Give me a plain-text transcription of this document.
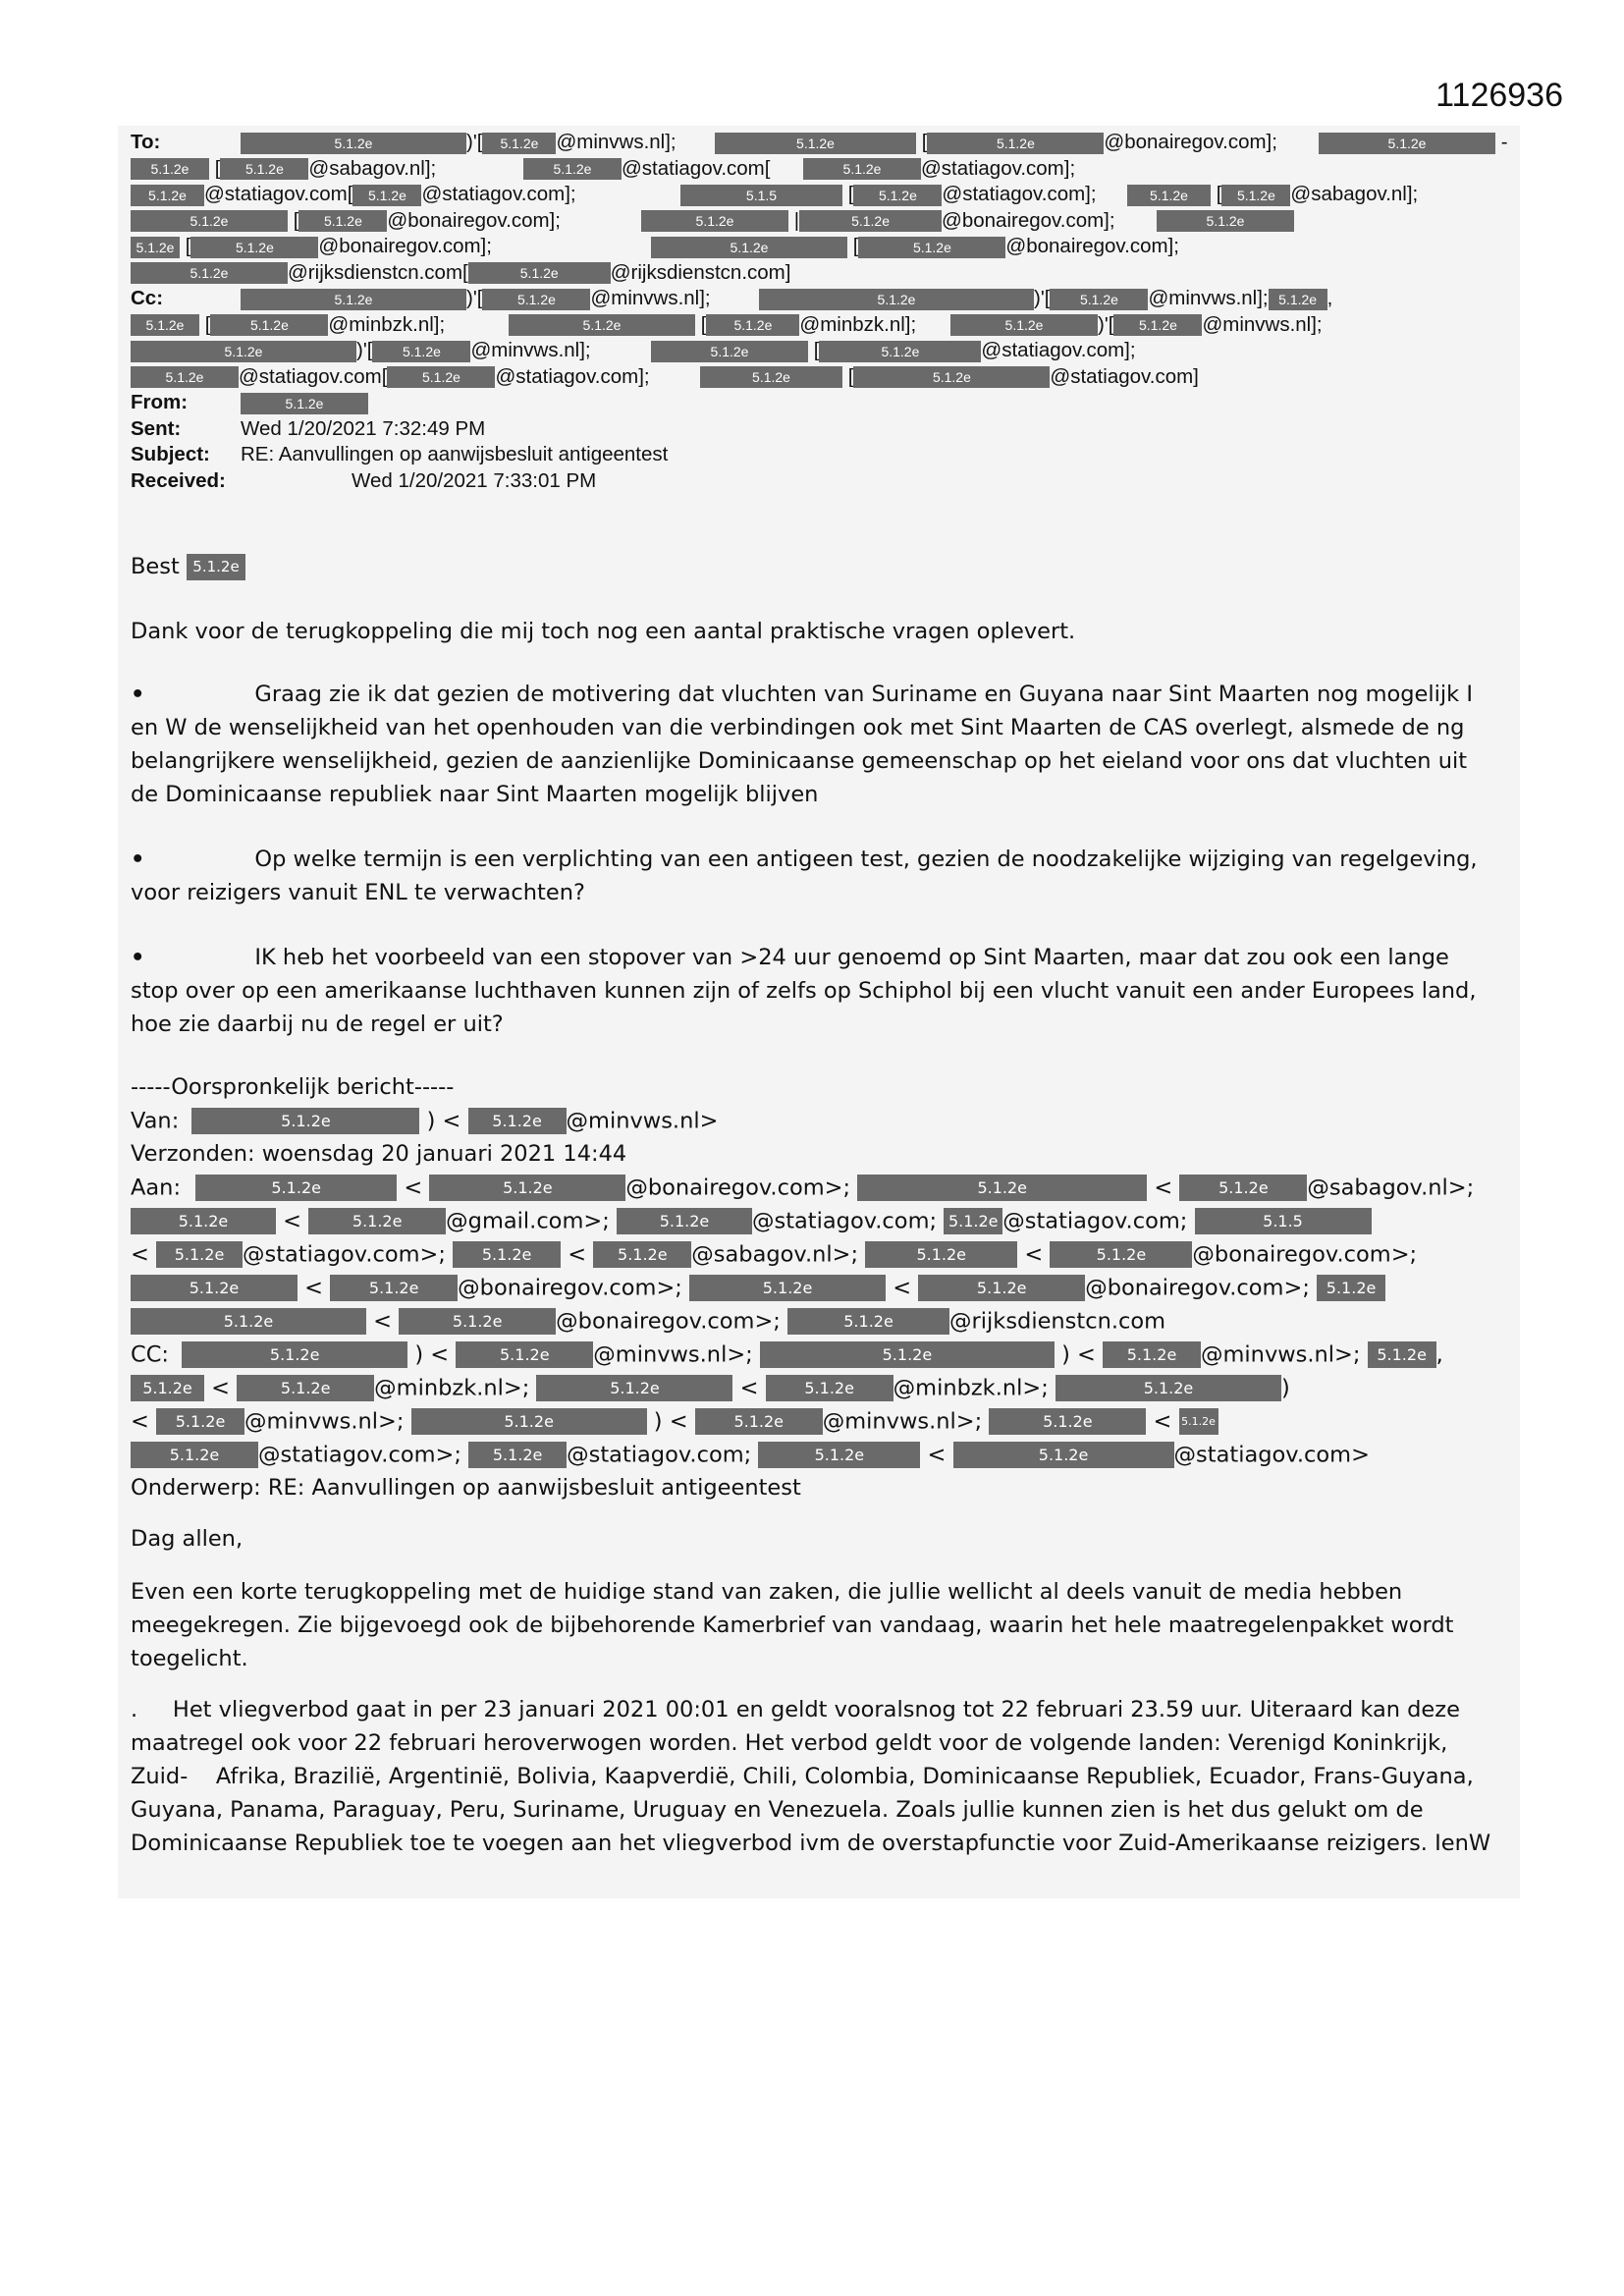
1126936
To:	5.1.2e	)'[ 5.1.2e @minvws.nl];	5.1.2e	[	5.1.2e	@bonairegov.com];	5.1.2e	-
5.1.2e [ 5.1.2e @sabagov.nl];	5.1.2e @statiagov.com[	5.1.2e @statiagov.com];
5.1.2e @statiagov.com[ 5.1.2e @statiagov.com];	5.1.5	[ 5.1.2e @statiagov.com];	5.1.2e [ 5.1.2e @sabagov.nl];
5.1.2e	[ 5.1.2e @bonairegov.com];	5.1.2e	|	5.1.2e	@bonairegov.com];	5.1.2e
5.1.2e [	5.1.2e @bonairegov.com];	5.1.2e	[	5.1.2e	@bonairegov.com];
5.1.2e	@rijksdienstcn.com[	5.1.2e	@rijksdienstcn.com]
Cc:	5.1.2e	)'[	5.1.2e @minvws.nl];	5.1.2e	)'[ 5.1.2e @minvws.nl]; 5.1.2e ,
5.1.2e [	5.1.2e @minbzk.nl];	5.1.2e	[ 5.1.2e @minbzk.nl];	5.1.2e	)'[ 5.1.2e @minvws.nl];
5.1.2e	)'[ 5.1.2e @minvws.nl];	5.1.2e	[	5.1.2e	@statiagov.com];
5.1.2e @statiagov.com[	5.1.2e @statiagov.com];	5.1.2e	[	5.1.2e	@statiagov.com]
From:	5.1.2e
Sent:	Wed 1/20/2021 7:32:49 PM
Subject: RE: Aanvullingen op aanwijsbesluit antigeentest
Received:	Wed 1/20/2021 7:33:01 PM
Best 5.1.2e
Dank voor de terugkoppeling die mij toch nog een aantal praktische vragen oplevert.
•	Graag zie ik dat gezien de motivering dat vluchten van Suriname en Guyana naar Sint Maarten nog mogelijk I en W de wenselijkheid van het openhouden van die verbindingen ook met Sint Maarten de CAS overlegt, alsmede de ng belangrijkere wenselijkheid, gezien de aanzienlijke Dominicaanse gemeenschap op het eieland voor ons dat vluchten uit de Dominicaanse republiek naar Sint Maarten mogelijk blijven
•	Op welke termijn is een verplichting van een antigeen test, gezien de noodzakelijke wijziging van regelgeving, voor reizigers vanuit ENL te verwachten?
•	IK heb het voorbeeld van een stopover van >24 uur genoemd op Sint Maarten, maar dat zou ook een lange stop over op een amerikaanse luchthaven kunnen zijn of zelfs op Schiphol bij een vlucht vanuit een ander Europees land, hoe zie daarbij nu de regel er uit?
-----Oorspronkelijk bericht-----
Van:	5.1.2e	) < 5.1.2e @minvws.nl>
Verzonden: woensdag 20 januari 2021 14:44
Aan:	5.1.2e	<	5.1.2e	@bonairegov.com>;	5.1.2e	<	5.1.2e @sabagov.nl>;
5.1.2e <	5.1.2e @gmail.com>;	5.1.2e @statiagov.com; 5.1.2e @statiagov.com;	5.1.5
< 5.1.2e @statiagov.com>; 5.1.2e < 5.1.2e @sabagov.nl>;	5.1.2e	<	5.1.2e @bonairegov.com>;
5.1.2e	<	5.1.2e @bonairegov.com>;	5.1.2e	<	5.1.2e	@bonairegov.com>; 5.1.2e
5.1.2e	<	5.1.2e @bonairegov.com>;	5.1.2e	@rijksdienstcn.com
CC:	5.1.2e	) <	5.1.2e @minvws.nl>;	5.1.2e	) < 5.1.2e @minvws.nl>; 5.1.2e ,
5.1.2e <	5.1.2e @minbzk.nl>;	5.1.2e	<	5.1.2e @minbzk.nl>;	5.1.2e	)
< 5.1.2e @minvws.nl>;	5.1.2e	) <	5.1.2e @minvws.nl>;	5.1.2e	< 5.1.2e
5.1.2e @statiagov.com>; 5.1.2e @statiagov.com;	5.1.2e	<	5.1.2e	@statiagov.com>
Onderwerp: RE: Aanvullingen op aanwijsbesluit antigeentest
Dag allen,
Even een korte terugkoppeling met de huidige stand van zaken, die jullie wellicht al deels vanuit de media hebben meegekregen. Zie bijgevoegd ook de bijbehorende Kamerbrief van vandaag, waarin het hele maatregelenpakket wordt toegelicht.
.     Het vliegverbod gaat in per 23 januari 2021 00:01 en geldt vooralsnog tot 22 februari 23.59 uur. Uiteraard kan deze maatregel ook voor 22 februari heroverwogen worden. Het verbod geldt voor de volgende landen: Verenigd Koninkrijk, Zuid-    Afrika, Brazilië, Argentinië, Bolivia, Kaapverdië, Chili, Colombia, Dominicaanse Republiek, Ecuador, Frans-Guyana, Guyana, Panama, Paraguay, Peru, Suriname, Uruguay en Venezuela. Zoals jullie kunnen zien is het dus gelukt om de Dominicaanse Republiek toe te voegen aan het vliegverbod ivm de overstapfunctie voor Zuid-Amerikaanse reizigers. IenW
